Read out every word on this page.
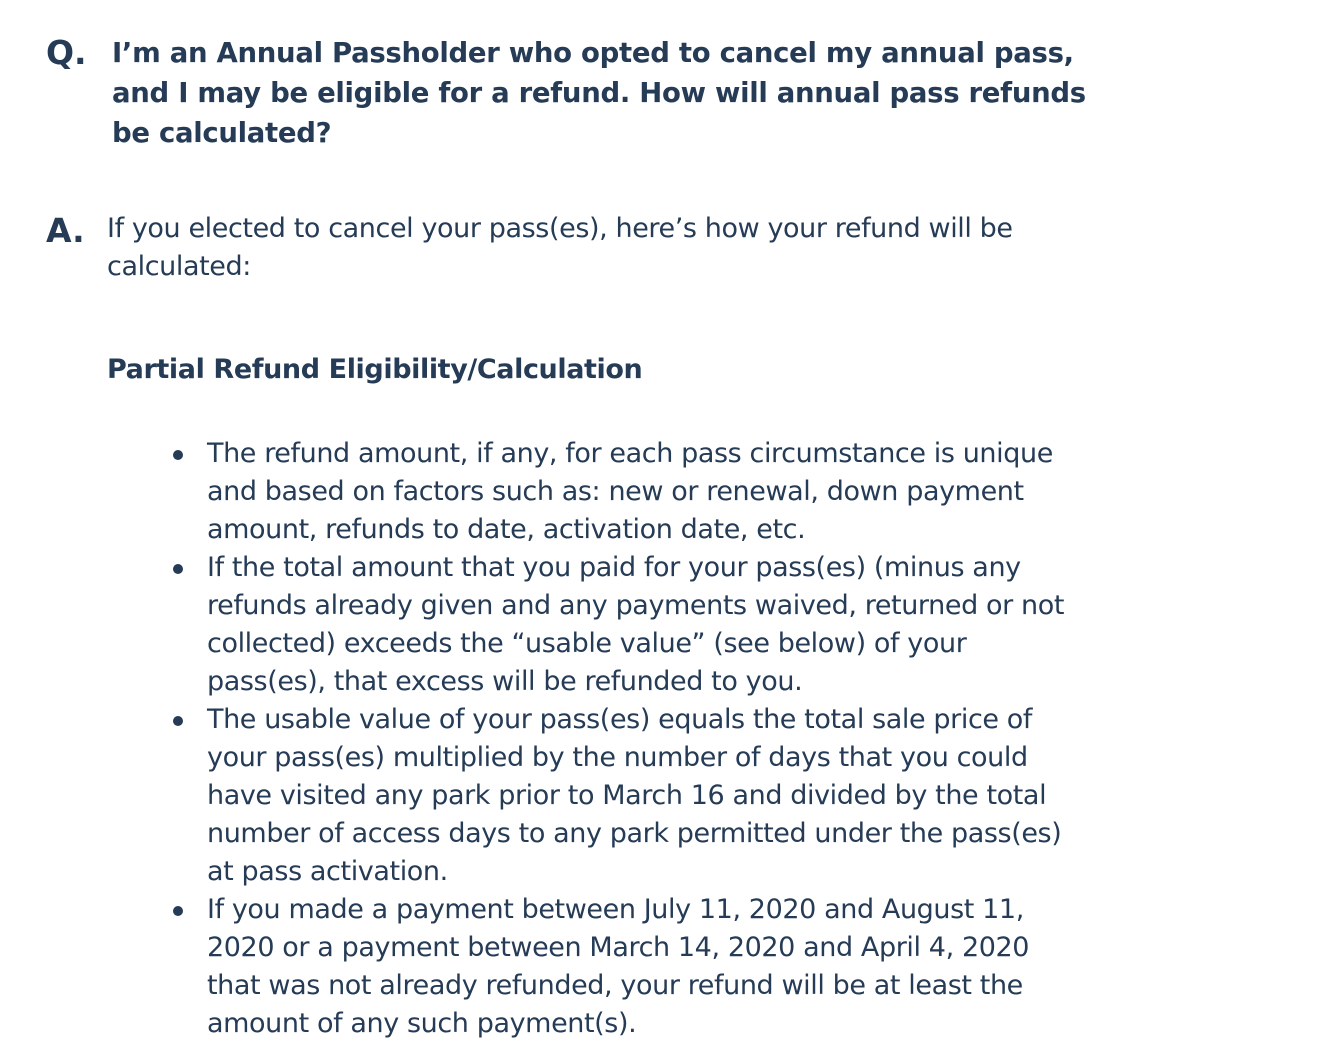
Q. I’m an Annual Passholder who opted to cancel my annual pass, and I may be eligible for a refund. How will annual pass refunds be calculated?

A. If you elected to cancel your pass(es), here’s how your refund will be calculated:

Partial Refund Eligibility/Calculation

The refund amount, if any, for each pass circumstance is unique and based on factors such as: new or renewal, down payment amount, refunds to date, activation date, etc.
If the total amount that you paid for your pass(es) (minus any refunds already given and any payments waived, returned or not collected) exceeds the “usable value” (see below) of your pass(es), that excess will be refunded to you.
The usable value of your pass(es) equals the total sale price of your pass(es) multiplied by the number of days that you could have visited any park prior to March 16 and divided by the total number of access days to any park permitted under the pass(es) at pass activation.
If you made a payment between July 11, 2020 and August 11, 2020 or a payment between March 14, 2020 and April 4, 2020 that was not already refunded, your refund will be at least the amount of any such payment(s).
